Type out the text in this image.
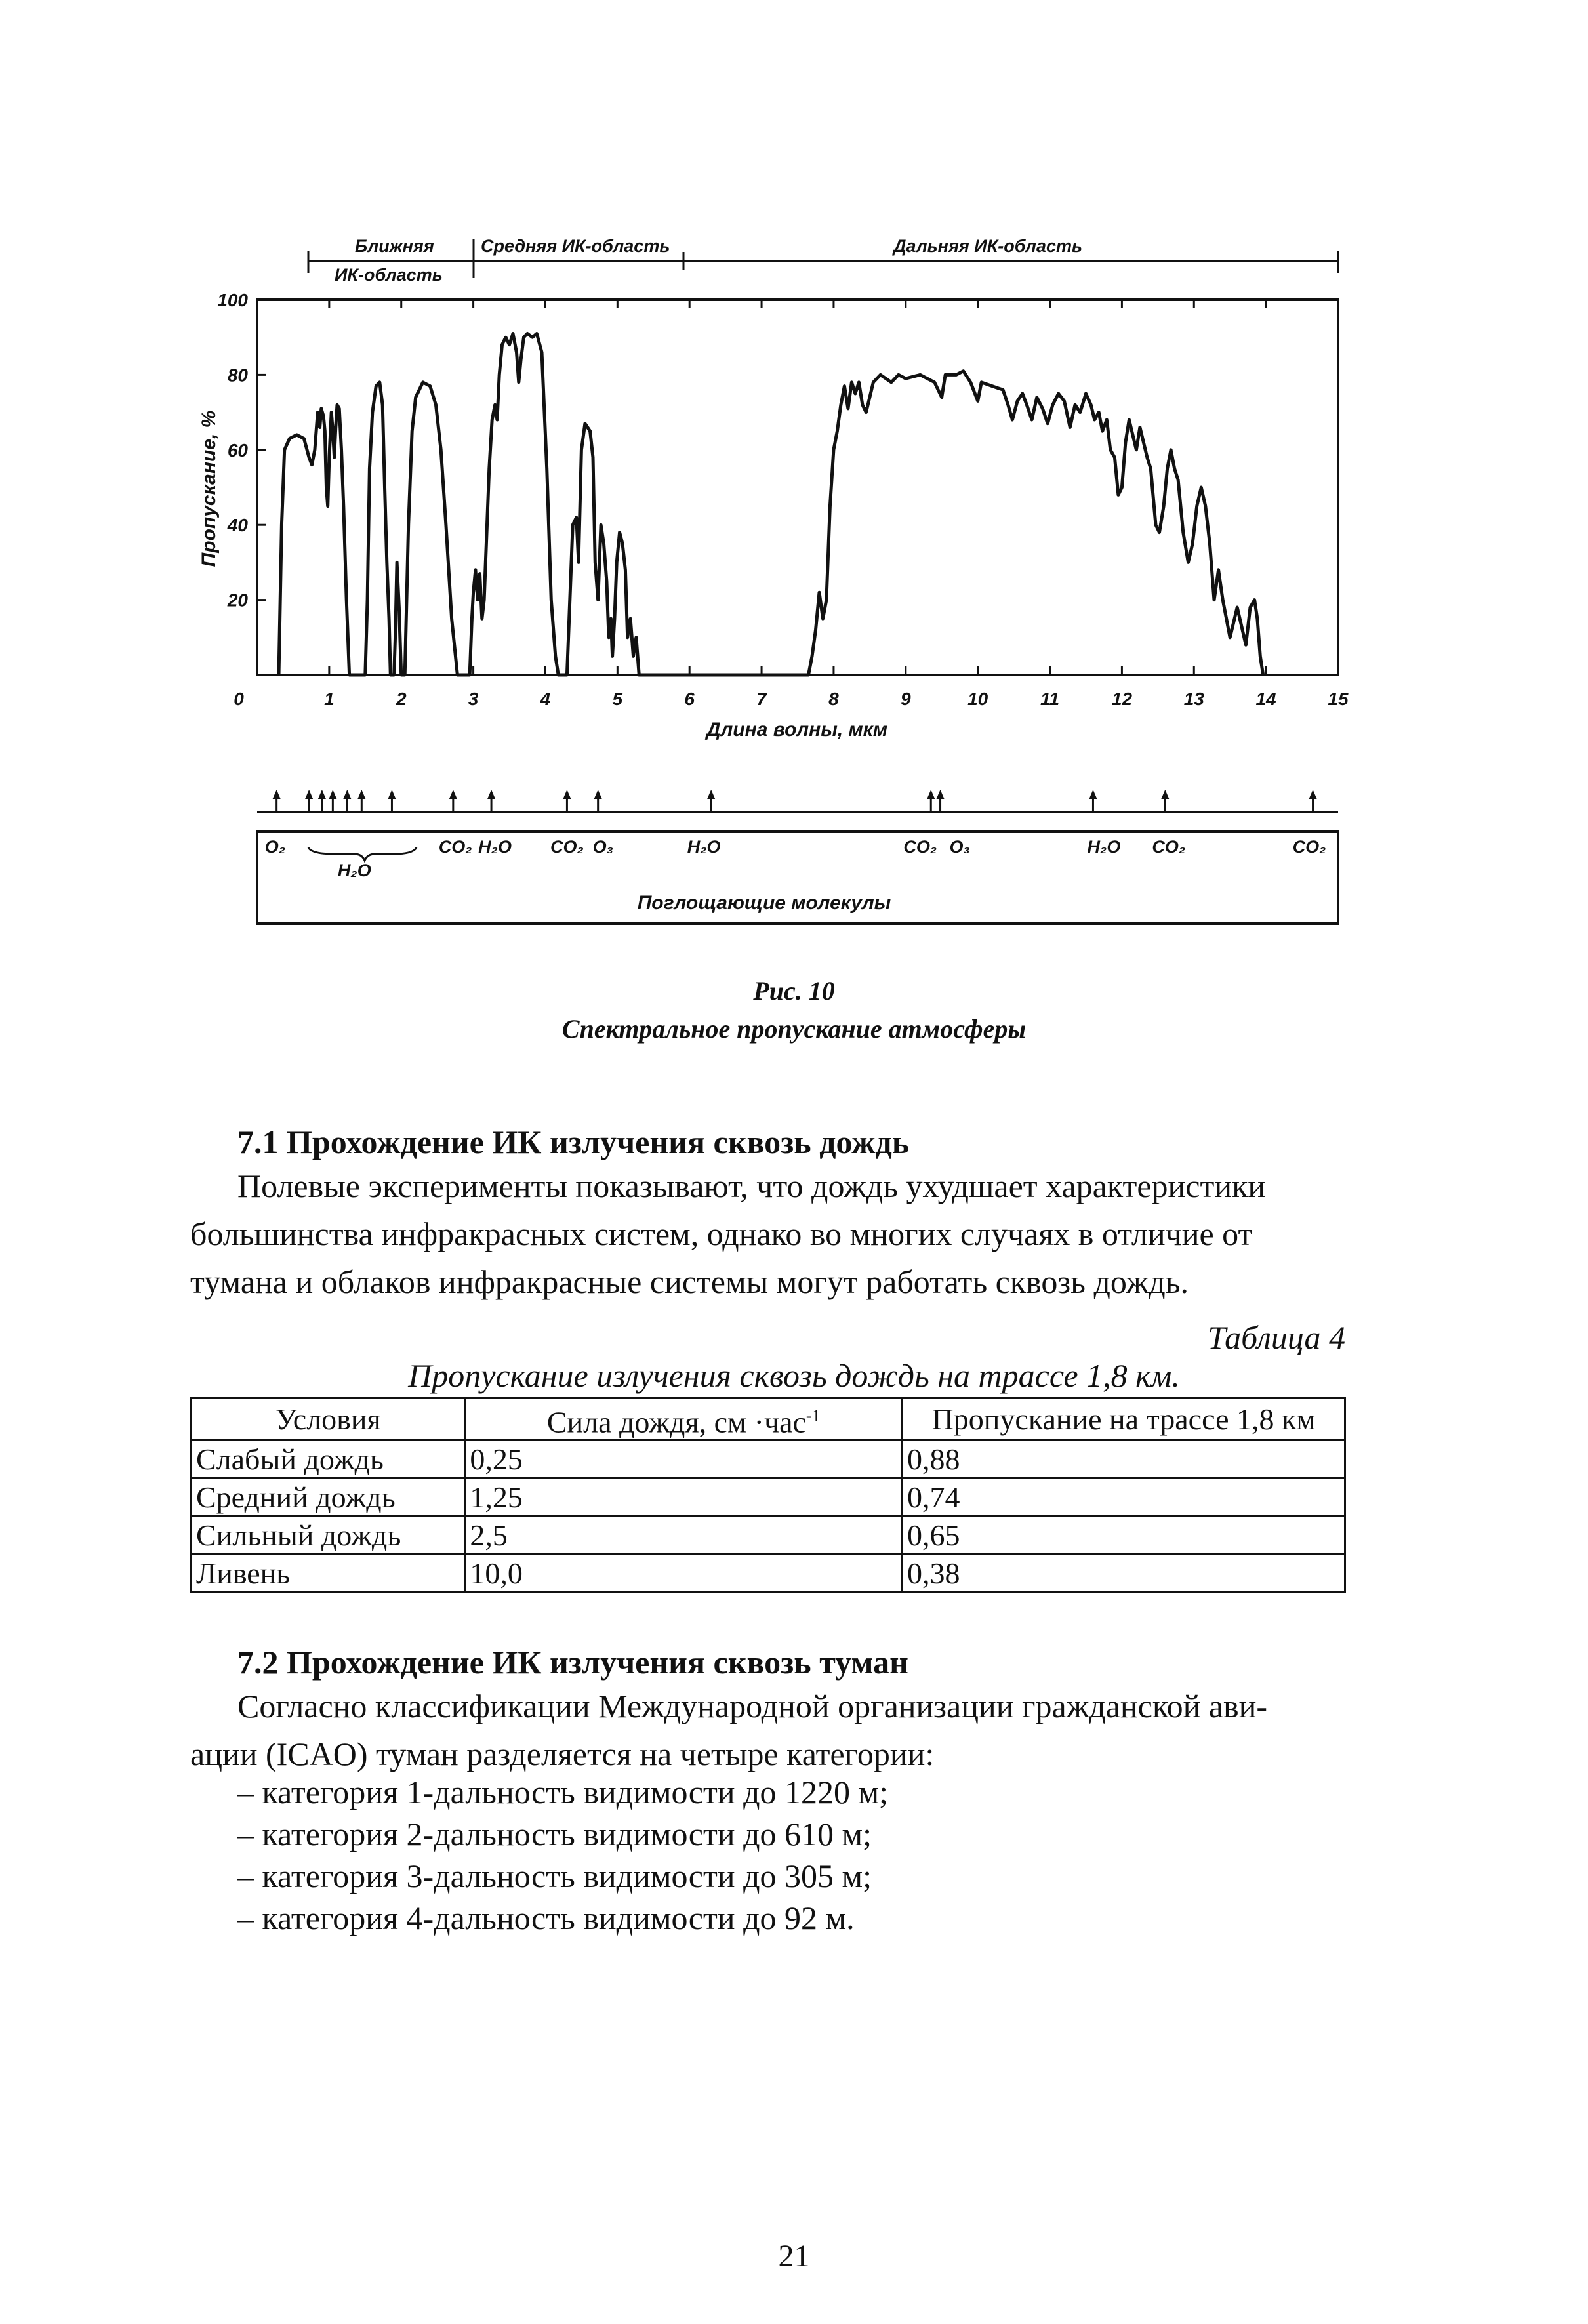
Ближняя
ИК-область
Средняя ИК-область	Дальняя ИК-область
0	1	2	3	4	5	6	7	8	9	10	11	12	13	14	15
20
40
60
80
100
Пропускание, %
Длина волны, мкм
O₂
H₂O
CO₂ H₂O CO₂ O₃	H₂O	CO₂ O₃	H₂O CO₂	CO₂
Поглощающие молекулы
Рис. 10
Спектральное пропускание атмосферы
7.1 Прохождение ИК излучения сквозь дождь
Полевые эксперименты показывают, что дождь ухудшает характеристики
большинства инфракрасных систем, однако во многих случаях в отличие от
тумана и облаков инфракрасные системы могут работать сквозь дождь.
Таблица 4
Пропускание излучения сквозь дождь на трассе 1,8 км.
Условия	Сила дождя, см ·час$^{-1}$	Пропускание на трассе 1,8 км
Слабый дождь	0,25	0,88
Средний дождь	1,25	0,74
Сильный дождь	2,5	0,65
Ливень	10,0	0,38
7.2 Прохождение ИК излучения сквозь туман
Согласно классификации Международной организации гражданской ави-
ации (ICAO) туман разделяется на четыре категории:
– категория 1-дальность видимости до 1220 м;
– категория 2-дальность видимости до 610 м;
– категория 3-дальность видимости до 305 м;
– категория 4-дальность видимости до 92 м.
21
